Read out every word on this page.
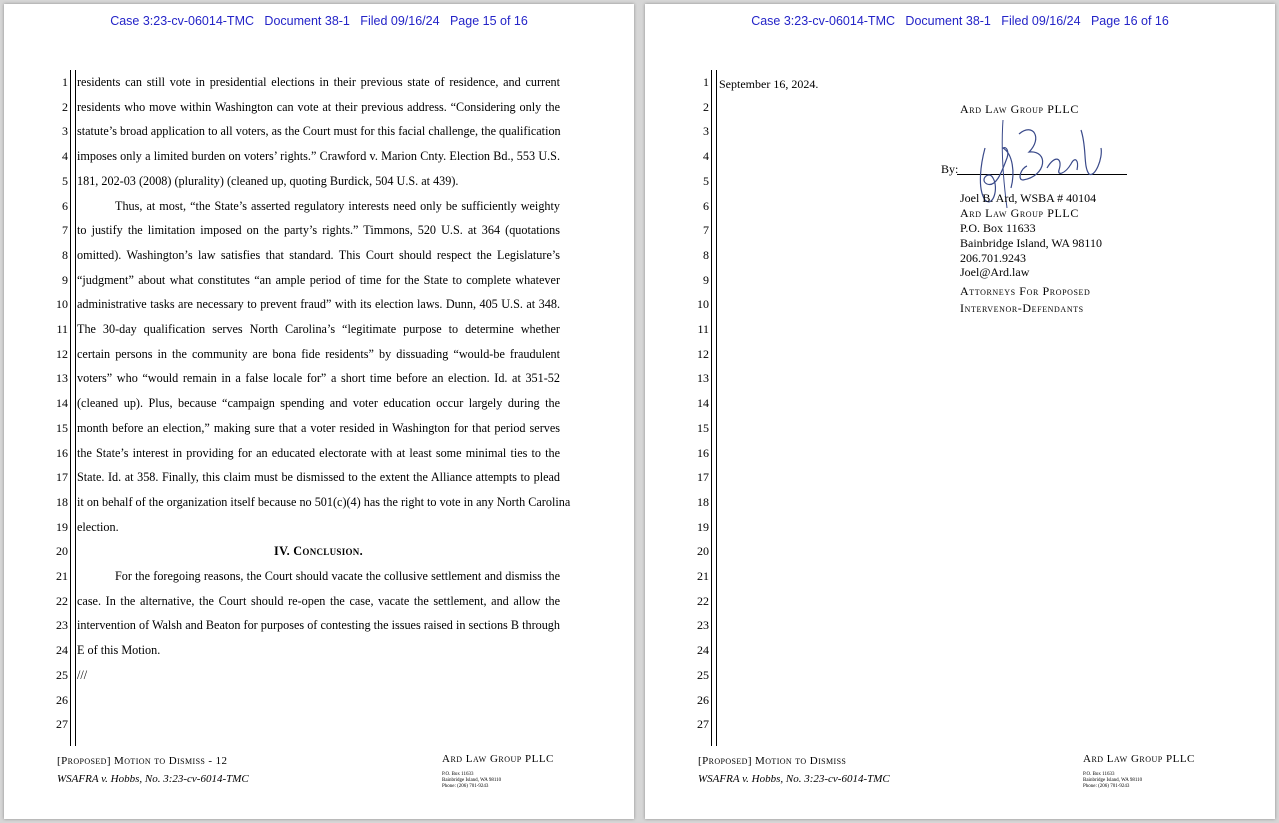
Case 3:23-cv-06014-TMC   Document 38-1   Filed 09/16/24   Page 15 of 16
1
2
3
4
5
6
7
8
9
10
11
12
13
14
15
16
17
18
19
20
21
22
23
24
25
26
27
residents can still vote in presidential elections in their previous state of residence, and current
residents who move within Washington can vote at their previous address. “Considering only the
statute’s broad application to all voters, as the Court must for this facial challenge, the qualification
imposes only a limited burden on voters’ rights.” Crawford v. Marion Cnty. Election Bd., 553 U.S.
181, 202-03 (2008) (plurality) (cleaned up, quoting Burdick, 504 U.S. at 439).
Thus, at most, “the State’s asserted regulatory interests need only be sufficiently weighty
to justify the limitation imposed on the party’s rights.” Timmons, 520 U.S. at 364 (quotations
omitted). Washington’s law satisfies that standard. This Court should respect the Legislature’s
“judgment” about what constitutes “an ample period of time for the State to complete whatever
administrative tasks are necessary to prevent fraud” with its election laws. Dunn, 405 U.S. at 348.
The 30-day qualification serves North Carolina’s “legitimate purpose to determine whether
certain persons in the community are bona fide residents” by dissuading “would-be fraudulent
voters” who “would remain in a false locale for” a short time before an election. Id. at 351-52
(cleaned up). Plus, because “campaign spending and voter education occur largely during the
month before an election,” making sure that a voter resided in Washington for that period serves
the State’s interest in providing for an educated electorate with at least some minimal ties to the
State. Id. at 358. Finally, this claim must be dismissed to the extent the Alliance attempts to plead
it on behalf of the organization itself because no 501(c)(4) has the right to vote in any North Carolina
election.
IV. Conclusion.
For the foregoing reasons, the Court should vacate the collusive settlement and dismiss the
case. In the alternative, the Court should re-open the case, vacate the settlement, and allow the
intervention of Walsh and Beaton for purposes of contesting the issues raised in sections B through
E of this Motion.
///
[Proposed] Motion to Dismiss - 12
WSAFRA v. Hobbs, No. 3:23-cv-6014-TMC
Ard Law Group PLLC
P.O. Box 11633
Bainbridge Island, WA 98110
Phone: (206) 701-9243
Case 3:23-cv-06014-TMC   Document 38-1   Filed 09/16/24   Page 16 of 16
1
2
3
4
5
6
7
8
9
10
11
12
13
14
15
16
17
18
19
20
21
22
23
24
25
26
27
September 16, 2024.
Ard Law Group PLLC
By:
Joel B. Ard, WSBA # 40104
Ard Law Group PLLC
P.O. Box 11633
Bainbridge Island, WA 98110
206.701.9243
Joel@Ard.law
Attorneys For Proposed
Intervenor-Defendants
[Proposed] Motion to Dismiss
WSAFRA v. Hobbs, No. 3:23-cv-6014-TMC
Ard Law Group PLLC
P.O. Box 11633
Bainbridge Island, WA 98110
Phone: (206) 701-9243
